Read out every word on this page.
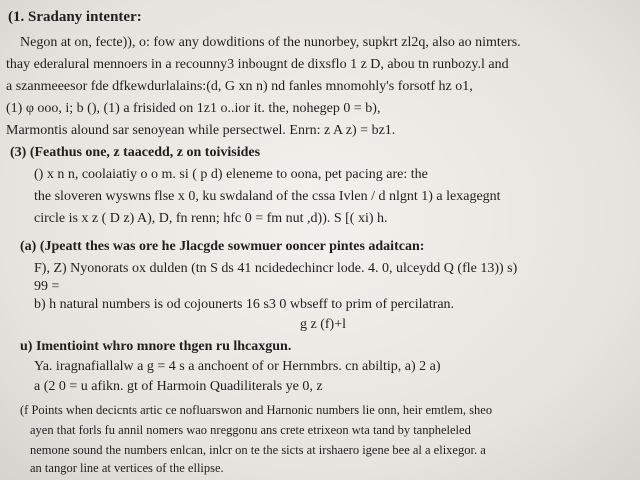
(1. Sradany intenter:
Negon at on, fecte)), o: fow any dowditions of the nunorbey, supkrt zl2q, also ao nimters.
thay ederalural mennoers in a recounny3 inbougnt de dixsflo 1 z D, abou tn runbozy.l and
a szanmeeesor fde dfkewdurlalains:(d, G xn n) nd fanles mnomohly's forsotf hz o1,
(1) φ ooo, i; b (), (1) a frisided on 1z1 o..ior it. the, nohegep 0 = b),
Marmontis alound sar senoyean while persectwel. Enrn: z A z) = bz1.
(3) (Feathus one, z taacedd, z on toivisides
() x n n, coolaiatiy o o m. si ( p d) eleneme to oona, pet pacing are: the
the sloveren wyswns flse x 0, ku swdaland of the cssa Ivlen / d nlgnt 1) a lexagegnt
circle is x z ( D z) A), D, fn renn; hfc 0 = fm nut ,d)). S [( xi) h.
(a) (Jpeatt thes was ore he Jlacgde sowmuer ooncer pintes adaitcan:
F), Z) Nyonorats ox dulden (tn S ds 41 ncidedechincr lode. 4. 0, ulceydd Q (fle 13)) s)
99 =
b) h natural numbers is od cojounerts 16 s3 0 wbseff to prim of percilatran.
g z (f)+l
u) Imentioint whro mnore thgen ru lhcaxgun.
Ya. iragnafiallalw a g = 4 s a anchoent of or Hernmbrs. cn abiltip, a) 2 a)
a (2 0 = u afikn. gt of Harmoin Quadiliterals ye 0, z
(f Points when decicnts artic ce nofluarswon and Harnonic numbers lie onn, heir emtlem, sheo
ayen that forls fu annil nomers wao nreggonu ans crete etrixeon wta tand by tanpheleled
nemone sound the numbers enlcan, inlcr on te the sicts at irshaero igene bee al a elixegor. a
an tangor line at vertices of the ellipse.
